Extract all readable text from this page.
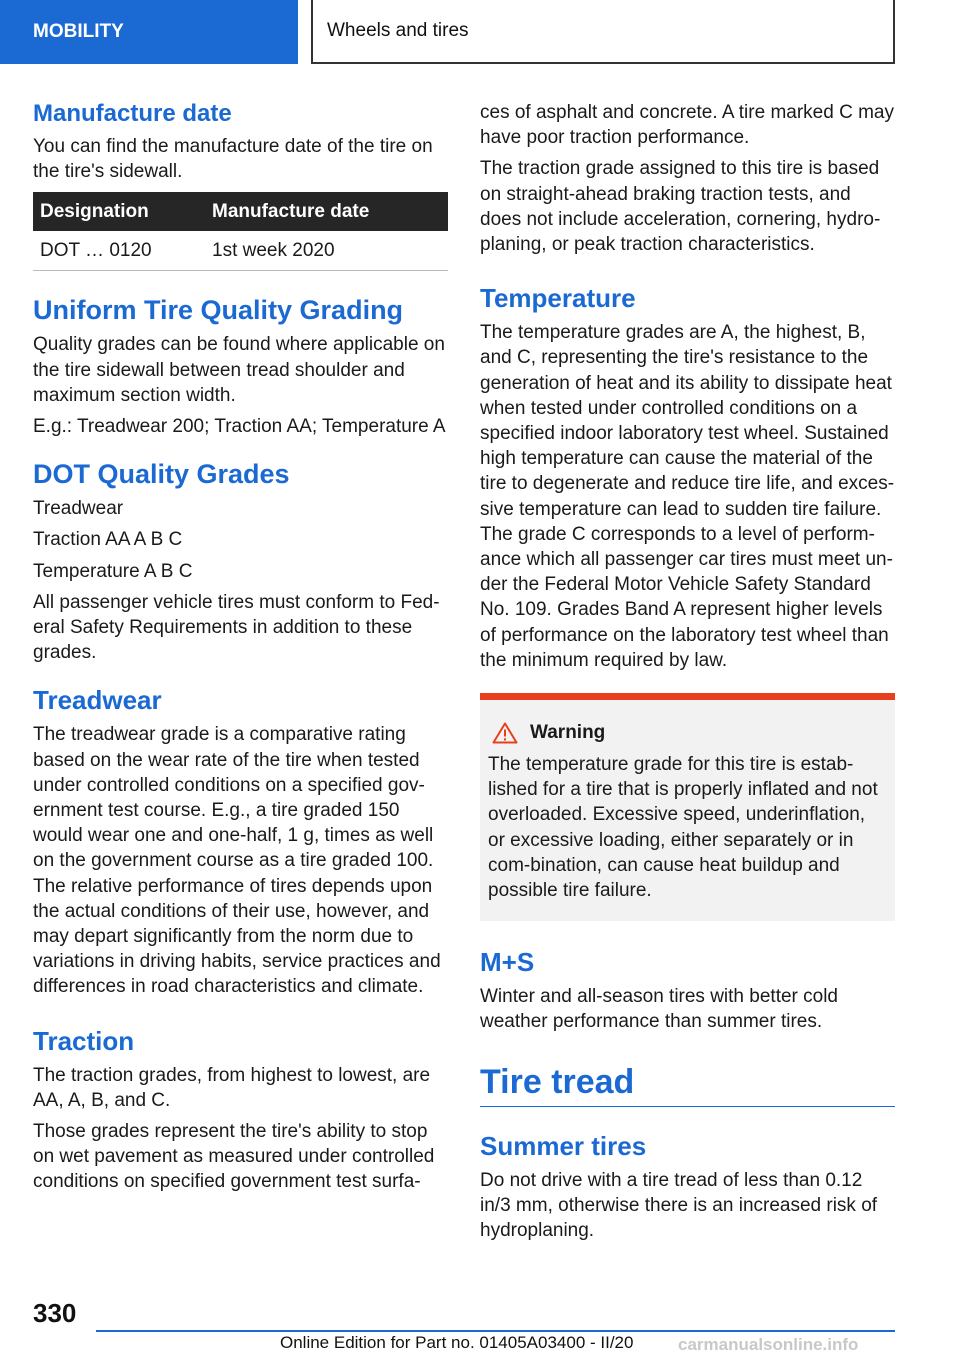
MOBILITY	Wheels and tires
Manufacture date

You can find the manufacture date of the tire on the tire's sidewall.

Designation	Manufacture date
DOT … 0120	1st week 2020
Uniform Tire Quality Grading

Quality grades can be found where applicable on the tire sidewall between tread shoulder and maximum section width.

E.g.: Treadwear 200; Traction AA; Temperature A

DOT Quality Grades

Treadwear

Traction AA A B C

Temperature A B C

All passenger vehicle tires must conform to Fed‐eral Safety Requirements in addition to these grades.

Treadwear

The treadwear grade is a comparative rating based on the wear rate of the tire when tested under controlled conditions on a specified gov‐ernment test course. E.g., a tire graded 150 would wear one and one-half, 1 g, times as well on the government course as a tire graded 100. The relative performance of tires depends upon the actual conditions of their use, however, and may depart significantly from the norm due to variations in driving habits, service practices and differences in road characteristics and climate.

Traction

The traction grades, from highest to lowest, are AA, A, B, and C.

Those grades represent the tire's ability to stop on wet pavement as measured under controlled conditions on specified government test surfa‐

ces of asphalt and concrete. A tire marked C may have poor traction performance.

The traction grade assigned to this tire is based on straight-ahead braking traction tests, and does not include acceleration, cornering, hydro‐planing, or peak traction characteristics.

Temperature

The temperature grades are A, the highest, B, and C, representing the tire's resistance to the generation of heat and its ability to dissipate heat when tested under controlled conditions on a specified indoor laboratory test wheel. Sustained high temperature can cause the material of the tire to degenerate and reduce tire life, and exces‐sive temperature can lead to sudden tire failure. The grade C corresponds to a level of perform‐ance which all passenger car tires must meet un‐der the Federal Motor Vehicle Safety Standard No. 109. Grades Band A represent higher levels of performance on the laboratory test wheel than the minimum required by law.

Warning

The temperature grade for this tire is estab‐lished for a tire that is properly inflated and not overloaded. Excessive speed, underinflation, or excessive loading, either separately or in com‐bination, can cause heat buildup and possible tire failure.

M+S

Winter and all-season tires with better cold weather performance than summer tires.

Tire tread
Summer tires

Do not drive with a tire tread of less than 0.12 in/3 mm, otherwise there is an increased risk of hydroplaning.

330
Online Edition for Part no. 01405A03400 - II/20	carmanualsonline.info
